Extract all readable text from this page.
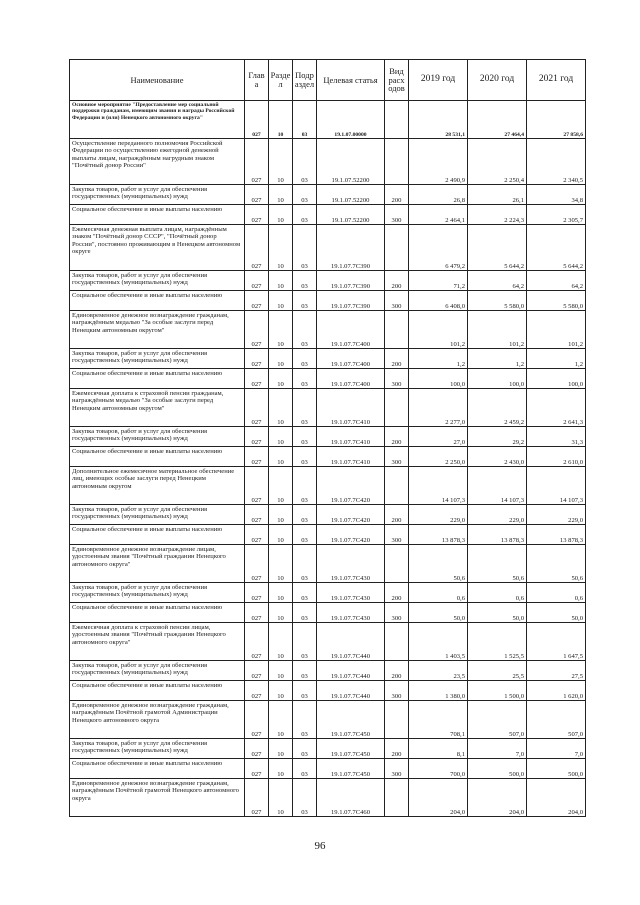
Наименование	Глав а	Разде л	Подр аздел	Целевая статья	Вид расх одов	2019 год	2020 год	2021 год
Основное мероприятие "Предоставление мер социальной поддержки гражданам, имеющим звания и награды Российской Федерации и (или) Ненецкого автономного округа"	027	10	03	19.1.07.00000		28 531,1	27 464,4	27 858,6
Осуществление переданного полномочия Российской Федерации по осуществлению ежегодной денежной выплаты лицам, награждённым нагрудным знаком "Почётный донор России"	027	10	03	19.1.07.52200		2 490,9	2 250,4	2 340,5
Закупка товаров, работ и услуг для обеспечения государственных (муниципальных) нужд	027	10	03	19.1.07.52200	200	26,8	26,1	34,8
Социальное обеспечение и иные выплаты населению	027	10	03	19.1.07.52200	300	2 464,1	2 224,3	2 305,7
Ежемесячная денежная выплата лицам, награждённым знаком "Почётный донор СССР", "Почётный донор России", постоянно проживающим в Ненецком автономном округе	027	10	03	19.1.07.7С390		6 479,2	5 644,2	5 644,2
Закупка товаров, работ и услуг для обеспечения государственных (муниципальных) нужд	027	10	03	19.1.07.7С390	200	71,2	64,2	64,2
Социальное обеспечение и иные выплаты населению	027	10	03	19.1.07.7С390	300	6 408,0	5 580,0	5 580,0
Единовременное денежное вознаграждение гражданам, награждённым медалью "За особые заслуги перед Ненецким автономным округом"	027	10	03	19.1.07.7С400		101,2	101,2	101,2
Закупка товаров, работ и услуг для обеспечения государственных (муниципальных) нужд	027	10	03	19.1.07.7С400	200	1,2	1,2	1,2
Социальное обеспечение и иные выплаты населению	027	10	03	19.1.07.7С400	300	100,0	100,0	100,0
Ежемесячная доплата к страховой пенсии гражданам, награждённым медалью "За особые заслуги перед Ненецким автономным округом"	027	10	03	19.1.07.7С410		2 277,0	2 459,2	2 641,3
Закупка товаров, работ и услуг для обеспечения государственных (муниципальных) нужд	027	10	03	19.1.07.7С410	200	27,0	29,2	31,3
Социальное обеспечение и иные выплаты населению	027	10	03	19.1.07.7С410	300	2 250,0	2 430,0	2 610,0
Дополнительное ежемесячное материальное обеспечение лиц, имеющих особые заслуги перед Ненецким автономным округом	027	10	03	19.1.07.7С420		14 107,3	14 107,3	14 107,3
Закупка товаров, работ и услуг для обеспечения государственных (муниципальных) нужд	027	10	03	19.1.07.7С420	200	229,0	229,0	229,0
Социальное обеспечение и иные выплаты населению	027	10	03	19.1.07.7С420	300	13 878,3	13 878,3	13 878,3
Единовременное денежное вознаграждение лицам, удостоенным звания "Почётный гражданин Ненецкого автономного округа"	027	10	03	19.1.07.7С430		50,6	50,6	50,6
Закупка товаров, работ и услуг для обеспечения государственных (муниципальных) нужд	027	10	03	19.1.07.7С430	200	0,6	0,6	0,6
Социальное обеспечение и иные выплаты населению	027	10	03	19.1.07.7С430	300	50,0	50,0	50,0
Ежемесячная доплата к страховой пенсии лицам, удостоенным звания "Почётный гражданин Ненецкого автономного округа"	027	10	03	19.1.07.7С440		1 403,5	1 525,5	1 647,5
Закупка товаров, работ и услуг для обеспечения государственных (муниципальных) нужд	027	10	03	19.1.07.7С440	200	23,5	25,5	27,5
Социальное обеспечение и иные выплаты населению	027	10	03	19.1.07.7С440	300	1 380,0	1 500,0	1 620,0
Единовременное денежное вознаграждение гражданам, награждённым Почётной грамотой Администрации Ненецкого автономного округа	027	10	03	19.1.07.7С450		708,1	507,0	507,0
Закупка товаров, работ и услуг для обеспечения государственных (муниципальных) нужд	027	10	03	19.1.07.7С450	200	8,1	7,0	7,0
Социальное обеспечение и иные выплаты населению	027	10	03	19.1.07.7С450	300	700,0	500,0	500,0
Единовременное денежное вознаграждение гражданам, награждённым Почётной грамотой Ненецкого автономного округа	027	10	03	19.1.07.7С460		204,0	204,0	204,0
96
